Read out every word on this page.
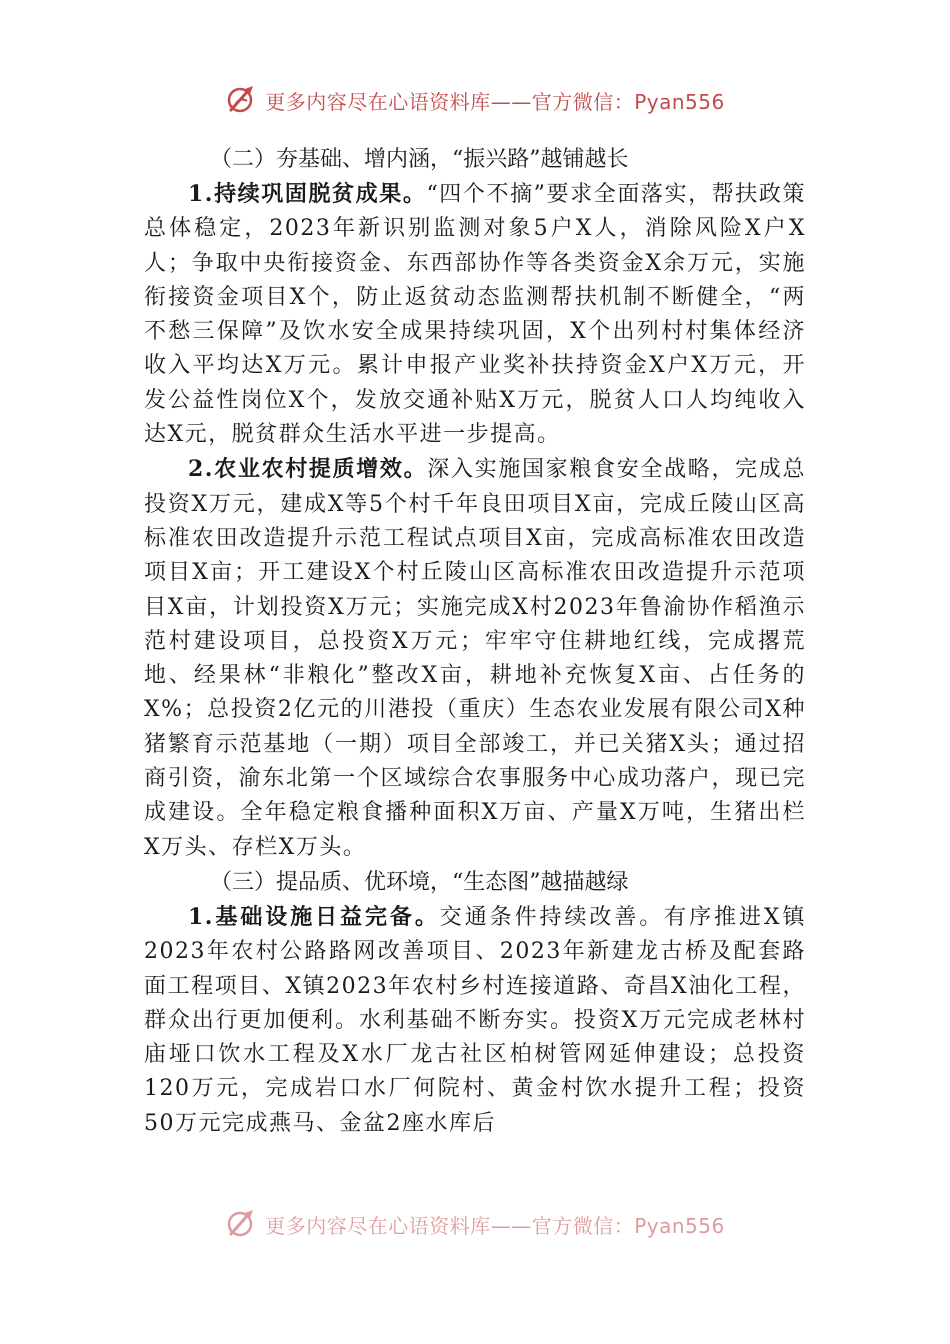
更多内容尽在心语资料库——官方微信：Pyan556

（二）夯基础、增内涵，“振兴路”越铺越长

1.持续巩固脱贫成果。“四个不摘”要求全面落实，帮扶政策总体稳定，2023年新识别监测对象5户X人，消除风险X户X人；争取中央衔接资金、东西部协作等各类资金X余万元，实施衔接资金项目X个，防止返贫动态监测帮扶机制不断健全，“两不愁三保障”及饮水安全成果持续巩固，X个出列村村集体经济收入平均达X万元。累计申报产业奖补扶持资金X户X万元，开发公益性岗位X个，发放交通补贴X万元，脱贫人口人均纯收入达X元，脱贫群众生活水平进一步提高。

2.农业农村提质增效。深入实施国家粮食安全战略，完成总投资X万元，建成X等5个村千年良田项目X亩，完成丘陵山区高标准农田改造提升示范工程试点项目X亩，完成高标准农田改造项目X亩；开工建设X个村丘陵山区高标准农田改造提升示范项目X亩，计划投资X万元；实施完成X村2023年鲁渝协作稻渔示范村建设项目，总投资X万元；牢牢守住耕地红线，完成撂荒地、经果林“非粮化”整改X亩，耕地补充恢复X亩、占任务的X%；总投资2亿元的川港投（重庆）生态农业发展有限公司X种猪繁育示范基地（一期）项目全部竣工，并已关猪X头；通过招商引资，渝东北第一个区域综合农事服务中心成功落户，现已完成建设。全年稳定粮食播种面积X万亩、产量X万吨，生猪出栏X万头、存栏X万头。

（三）提品质、优环境，“生态图”越描越绿

1.基础设施日益完备。交通条件持续改善。有序推进X镇2023年农村公路路网改善项目、2023年新建龙古桥及配套路面工程项目、X镇2023年农村乡村连接道路、奇昌X油化工程，群众出行更加便利。水利基础不断夯实。投资X万元完成老林村庙垭口饮水工程及X水厂龙古社区柏树管网延伸建设；总投资120万元，完成岩口水厂何院村、黄金村饮水提升工程；投资50万元完成燕马、金盆2座水库后

更多内容尽在心语资料库——官方微信：Pyan556
